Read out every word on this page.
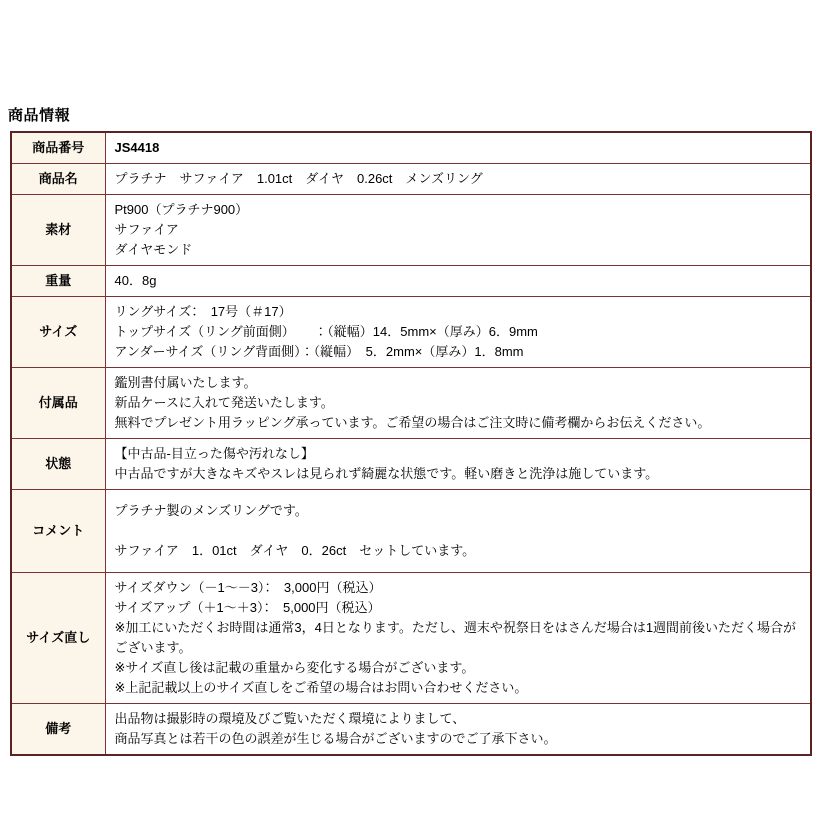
商品情報
商品番号	JS4418
商品名	プラチナ　サファイア　1.01ct　ダイヤ　0.26ct　メンズリング
素材	Pt900（プラチナ900）
サファイア
ダイヤモンド
重量	40．8g
サイズ	リングサイズ：　17号（＃17）
トップサイズ（リング前面側）　　：（縦幅）14．5mm×（厚み）6．9mm
アンダーサイズ（リング背面側）：（縦幅）　5．2mm×（厚み）1．8mm
付属品	鑑別書付属いたします。
新品ケースに入れて発送いたします。
無料でプレゼント用ラッピング承っています。ご希望の場合はご注文時に備考欄からお伝えください。
状態	【中古品-目立った傷や汚れなし】
中古品ですが大きなキズやスレは見られず綺麗な状態です。軽い磨きと洗浄は施しています。
コメント	プラチナ製のメンズリングです。

サファイア　1．01ct　ダイヤ　0．26ct　セットしています。
サイズ直し	サイズダウン（－1～－3）：　3,000円（税込）
サイズアップ（＋1～＋3）：　5,000円（税込）
※加工にいただくお時間は通常3，4日となります。ただし、週末や祝祭日をはさんだ場合は1週間前後いただく場合がございます。
※サイズ直し後は記載の重量から変化する場合がございます。
※上記記載以上のサイズ直しをご希望の場合はお問い合わせください。
備考	出品物は撮影時の環境及びご覧いただく環境によりまして、
商品写真とは若干の色の誤差が生じる場合がございますのでご了承下さい。
